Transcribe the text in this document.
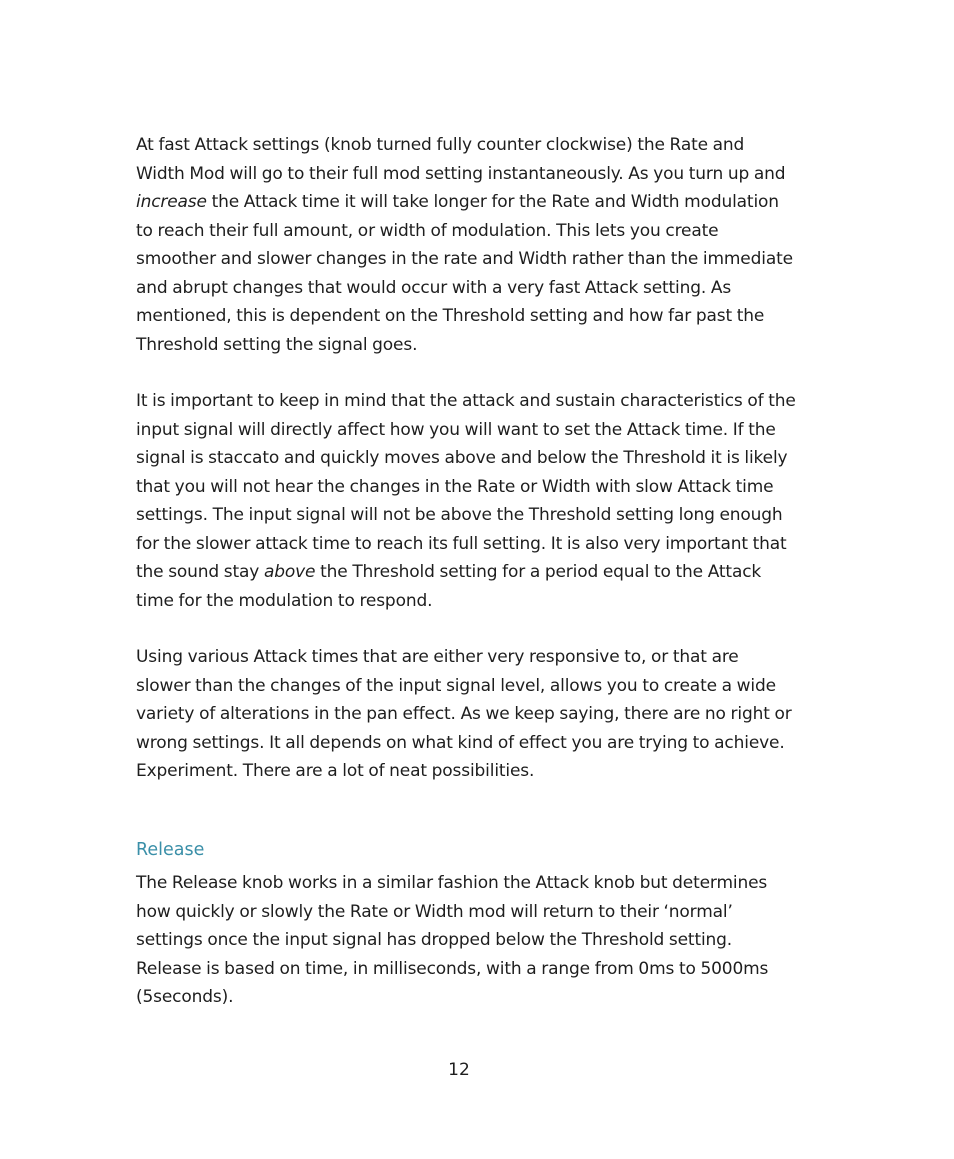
At fast Attack settings (knob turned fully counter clockwise) the Rate and Width Mod will go to their full mod setting instantaneously. As you turn up and increase the Attack time it will take longer for the Rate and Width modulation to reach their full amount, or width of modulation. This lets you create smoother and slower changes in the rate and Width rather than the immediate and abrupt changes that would occur with a very fast Attack setting. As mentioned, this is dependent on the Threshold setting and how far past the Threshold setting the signal goes.

It is important to keep in mind that the attack and sustain characteristics of the input signal will directly affect how you will want to set the Attack time. If the signal is staccato and quickly moves above and below the Threshold it is likely that you will not hear the changes in the Rate or Width with slow Attack time settings. The input signal will not be above the Threshold setting long enough for the slower attack time to reach its full setting. It is also very important that the sound stay above the Threshold setting for a period equal to the Attack time for the modulation to respond.

Using various Attack times that are either very responsive to, or that are slower than the changes of the input signal level, allows you to create a wide variety of alterations in the pan effect. As we keep saying, there are no right or wrong settings. It all depends on what kind of effect you are trying to achieve. Experiment. There are a lot of neat possibilities.

Release

The Release knob works in a similar fashion the Attack knob but determines how quickly or slowly the Rate or Width mod will return to their ‘normal’ settings once the input signal has dropped below the Threshold setting. Release is based on time, in milliseconds, with a range from 0ms to 5000ms (5seconds).

12
